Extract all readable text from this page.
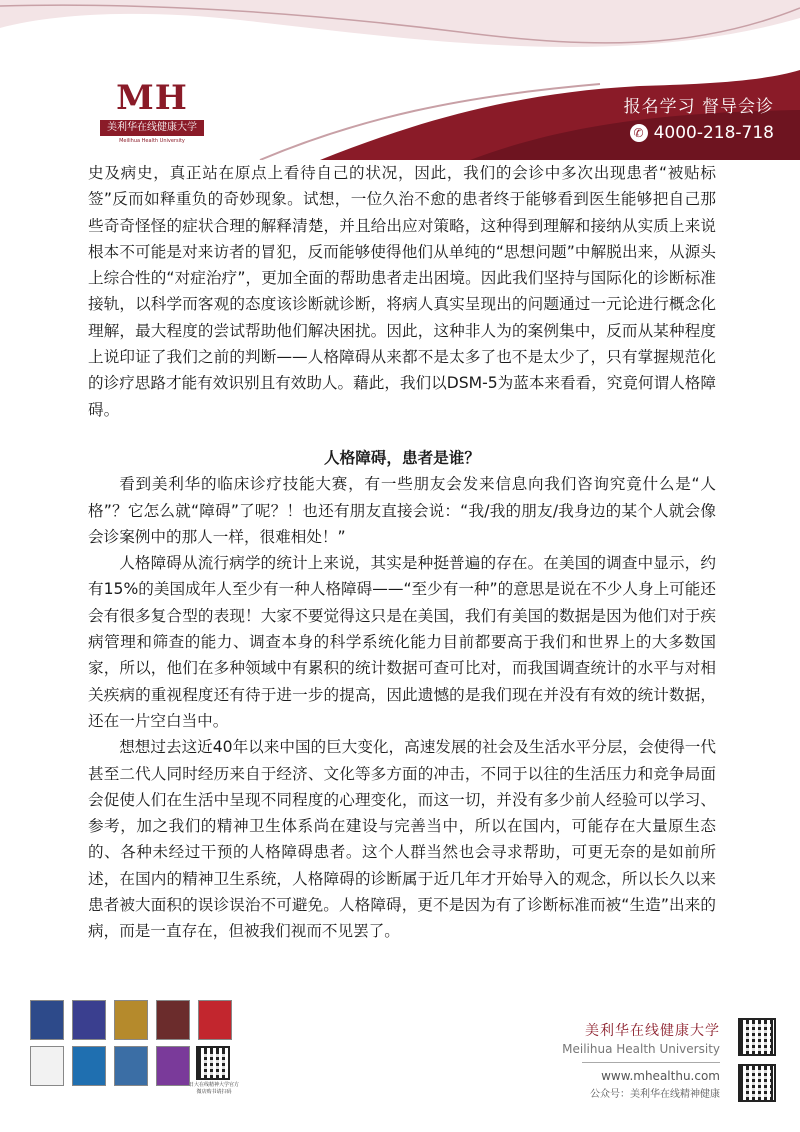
MH
美利华在线健康大学
Meilihua Health University
报名学习 督导会诊
✆ 4000-218-718

史及病史，真正站在原点上看待自己的状况，因此，我们的会诊中多次出现患者“被贴标签”反而如释重负的奇妙现象。试想，一位久治不愈的患者终于能够看到医生能够把自己那些奇奇怪怪的症状合理的解释清楚，并且给出应对策略，这种得到理解和接纳从实质上来说根本不可能是对来访者的冒犯，反而能够使得他们从单纯的“思想问题”中解脱出来，从源头上综合性的“对症治疗”，更加全面的帮助患者走出困境。因此我们坚持与国际化的诊断标准接轨，以科学而客观的态度该诊断就诊断，将病人真实呈现出的问题通过一元论进行概念化理解，最大程度的尝试帮助他们解决困扰。因此，这种非人为的案例集中，反而从某种程度上说印证了我们之前的判断——人格障碍从来都不是太多了也不是太少了，只有掌握规范化的诊疗思路才能有效识别且有效助人。藉此，我们以DSM-5为蓝本来看看，究竟何谓人格障碍。

人格障碍，患者是谁？

看到美利华的临床诊疗技能大赛，有一些朋友会发来信息向我们咨询究竟什么是“人格”？它怎么就“障碍”了呢？！也还有朋友直接会说：“我/我的朋友/我身边的某个人就会像会诊案例中的那人一样，很难相处！”

人格障碍从流行病学的统计上来说，其实是种挺普遍的存在。在美国的调查中显示，约有15%的美国成年人至少有一种人格障碍——“至少有一种”的意思是说在不少人身上可能还会有很多复合型的表现！大家不要觉得这只是在美国，我们有美国的数据是因为他们对于疾病管理和筛查的能力、调查本身的科学系统化能力目前都要高于我们和世界上的大多数国家，所以，他们在多种领域中有累积的统计数据可查可比对，而我国调查统计的水平与对相关疾病的重视程度还有待于进一步的提高，因此遗憾的是我们现在并没有有效的统计数据，还在一片空白当中。

想想过去这近40年以来中国的巨大变化，高速发展的社会及生活水平分层，会使得一代甚至二代人同时经历来自于经济、文化等多方面的冲击，不同于以往的生活压力和竞争局面会促使人们在生活中呈现不同程度的心理变化，而这一切，并没有多少前人经验可以学习、参考，加之我们的精神卫生体系尚在建设与完善当中，所以在国内，可能存在大量原生态的、各种未经过干预的人格障碍患者。这个人群当然也会寻求帮助，可更无奈的是如前所述，在国内的精神卫生系统，人格障碍的诊断属于近几年才开始导入的观念，所以长久以来患者被大面积的误诊误治不可避免。人格障碍，更不是因为有了诊断标准而被“生造”出来的病，而是一直存在，但被我们视而不见罢了。

日大在线精神大学官方微店购书请扫码
美利华在线健康大学
Meilihua Health University
www.mhealthu.com
公众号：美利华在线精神健康
